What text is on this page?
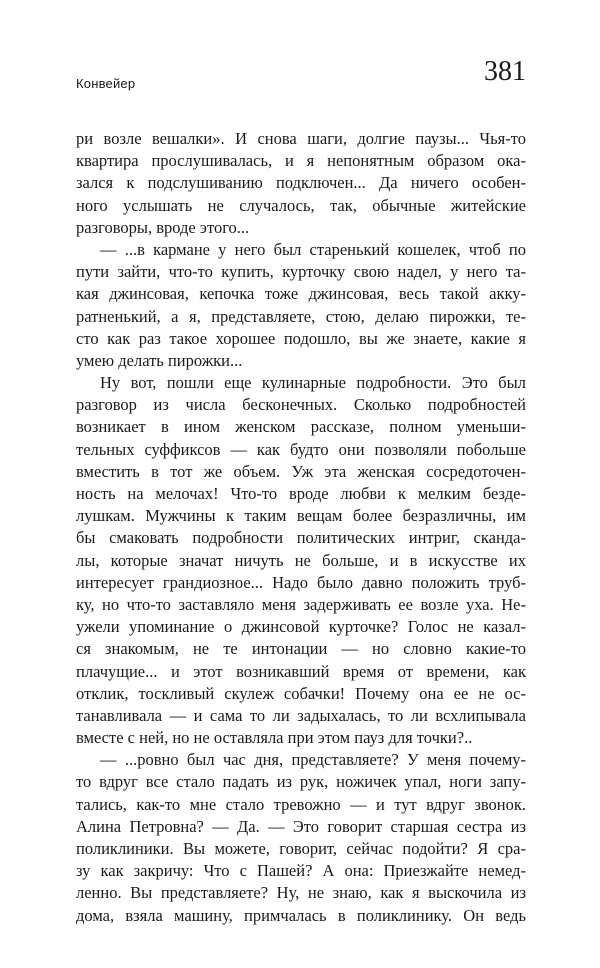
Конвейер	381
ри возле вешалки». И снова шаги, долгие паузы... Чья-то
квартира прослушивалась, и я непонятным образом ока-
зался к подслушиванию подключен... Да ничего особен-
ного услышать не случалось, так, обычные житейские
разговоры, вроде этого...
— ...в кармане у него был старенький кошелек, чтоб по
пути зайти, что-то купить, курточку свою надел, у него та-
кая джинсовая, кепочка тоже джинсовая, весь такой акку-
ратненький, а я, представляете, стою, делаю пирожки, те-
сто как раз такое хорошее подошло, вы же знаете, какие я
умею делать пирожки...
Ну вот, пошли еще кулинарные подробности. Это был
разговор из числа бесконечных. Сколько подробностей
возникает в ином женском рассказе, полном уменьши-
тельных суффиксов — как будто они позволяли побольше
вместить в тот же объем. Уж эта женская сосредоточен-
ность на мелочах! Что-то вроде любви к мелким безде-
лушкам. Мужчины к таким вещам более безразличны, им
бы смаковать подробности политических интриг, сканда-
лы, которые значат ничуть не больше, и в искусстве их
интересует грандиозное... Надо было давно положить труб-
ку, но что-то заставляло меня задерживать ее возле уха. Не-
ужели упоминание о джинсовой курточке? Голос не казал-
ся знакомым, не те интонации — но словно какие-то
плачущие... и этот возникавший время от времени, как
отклик, тоскливый скулеж собачки! Почему она ее не ос-
танавливала — и сама то ли задыхалась, то ли всхлипывала
вместе с ней, но не оставляла при этом пауз для точки?..
— ...ровно был час дня, представляете? У меня почему-
то вдруг все стало падать из рук, ножичек упал, ноги запу-
тались, как-то мне стало тревожно — и тут вдруг звонок.
Алина Петровна? — Да. — Это говорит старшая сестра из
поликлиники. Вы можете, говорит, сейчас подойти? Я сра-
зу как закричу: Что с Пашей? А она: Приезжайте немед-
ленно. Вы представляете? Ну, не знаю, как я выскочила из
дома, взяла машину, примчалась в поликлинику. Он ведь
